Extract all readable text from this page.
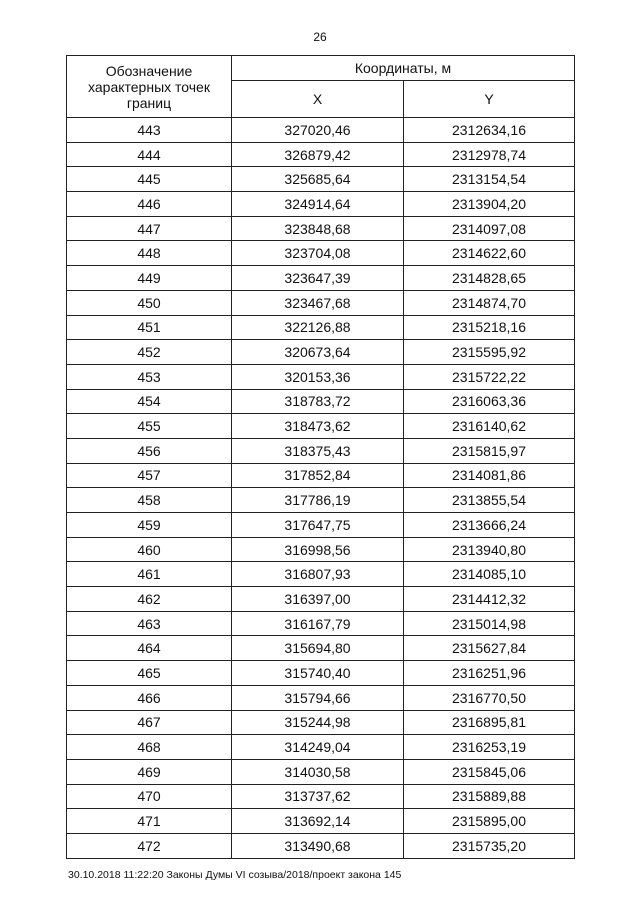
26
Обозначение характерных точек границ	Координаты, м	
	X	Y
443	327020,46	2312634,16
444	326879,42	2312978,74
445	325685,64	2313154,54
446	324914,64	2313904,20
447	323848,68	2314097,08
448	323704,08	2314622,60
449	323647,39	2314828,65
450	323467,68	2314874,70
451	322126,88	2315218,16
452	320673,64	2315595,92
453	320153,36	2315722,22
454	318783,72	2316063,36
455	318473,62	2316140,62
456	318375,43	2315815,97
457	317852,84	2314081,86
458	317786,19	2313855,54
459	317647,75	2313666,24
460	316998,56	2313940,80
461	316807,93	2314085,10
462	316397,00	2314412,32
463	316167,79	2315014,98
464	315694,80	2315627,84
465	315740,40	2316251,96
466	315794,66	2316770,50
467	315244,98	2316895,81
468	314249,04	2316253,19
469	314030,58	2315845,06
470	313737,62	2315889,88
471	313692,14	2315895,00
472	313490,68	2315735,20
30.10.2018 11:22:20 Законы Думы VI созыва/2018/проект закона 145
